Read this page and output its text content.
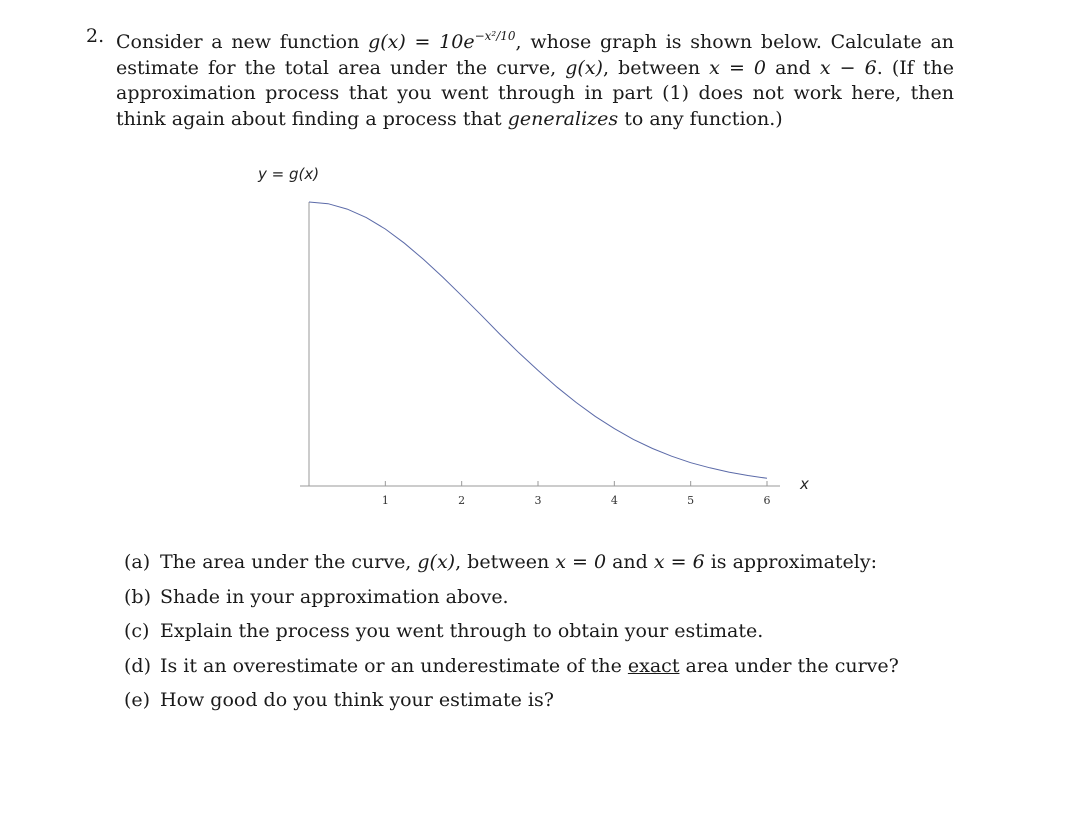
2. Consider a new function $g(x) = 10e^{-x^2/10}$, whose graph is shown below. Calculate an estimate for the total area under the curve, g(x), between x = 0 and x − 6. (If the approximation process that you went through in part (1) does not work here, then think again about finding a process that generalizes to any function.)
1	2	3	4	5	6
y = g(x)
x
(a) The area under the curve, g(x), between x = 0 and x = 6 is approximately:
(b) Shade in your approximation above.
(c) Explain the process you went through to obtain your estimate.
(d) Is it an overestimate or an underestimate of the exact area under the curve?
(e) How good do you think your estimate is?
